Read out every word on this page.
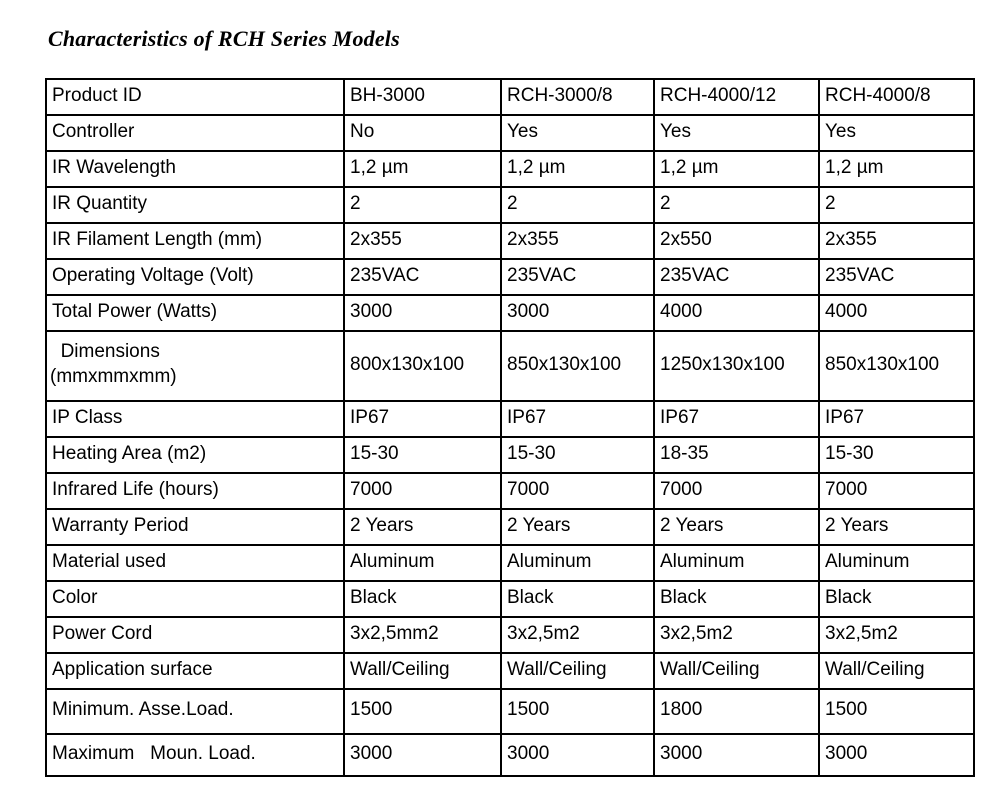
Characteristics of RCH Series Models
Product ID	BH-3000	RCH-3000/8	RCH-4000/12	RCH-4000/8
Controller	No	Yes	Yes	Yes
IR Wavelength	1,2 µm	1,2 µm	1,2 µm	1,2 µm
IR Quantity	2	2	2	2
IR Filament Length (mm)	2x355	2x355	2x550	2x355
Operating Voltage (Volt)	235VAC	235VAC	235VAC	235VAC
Total Power (Watts)	3000	3000	4000	4000
Dimensions
(mmxmmxmm)	800x130x100	850x130x100	1250x130x100	850x130x100
IP Class	IP67	IP67	IP67	IP67
Heating Area (m2)	15-30	15-30	18-35	15-30
Infrared Life (hours)	7000	7000	7000	7000
Warranty Period	2 Years	2 Years	2 Years	2 Years
Material used	Aluminum	Aluminum	Aluminum	Aluminum
Color	Black	Black	Black	Black
Power Cord	3x2,5mm2	3x2,5m2	3x2,5m2	3x2,5m2
Application surface	Wall/Ceiling	Wall/Ceiling	Wall/Ceiling	Wall/Ceiling
Minimum. Asse.Load.	1500	1500	1800	1500
Maximum   Moun. Load.	3000	3000	3000	3000
